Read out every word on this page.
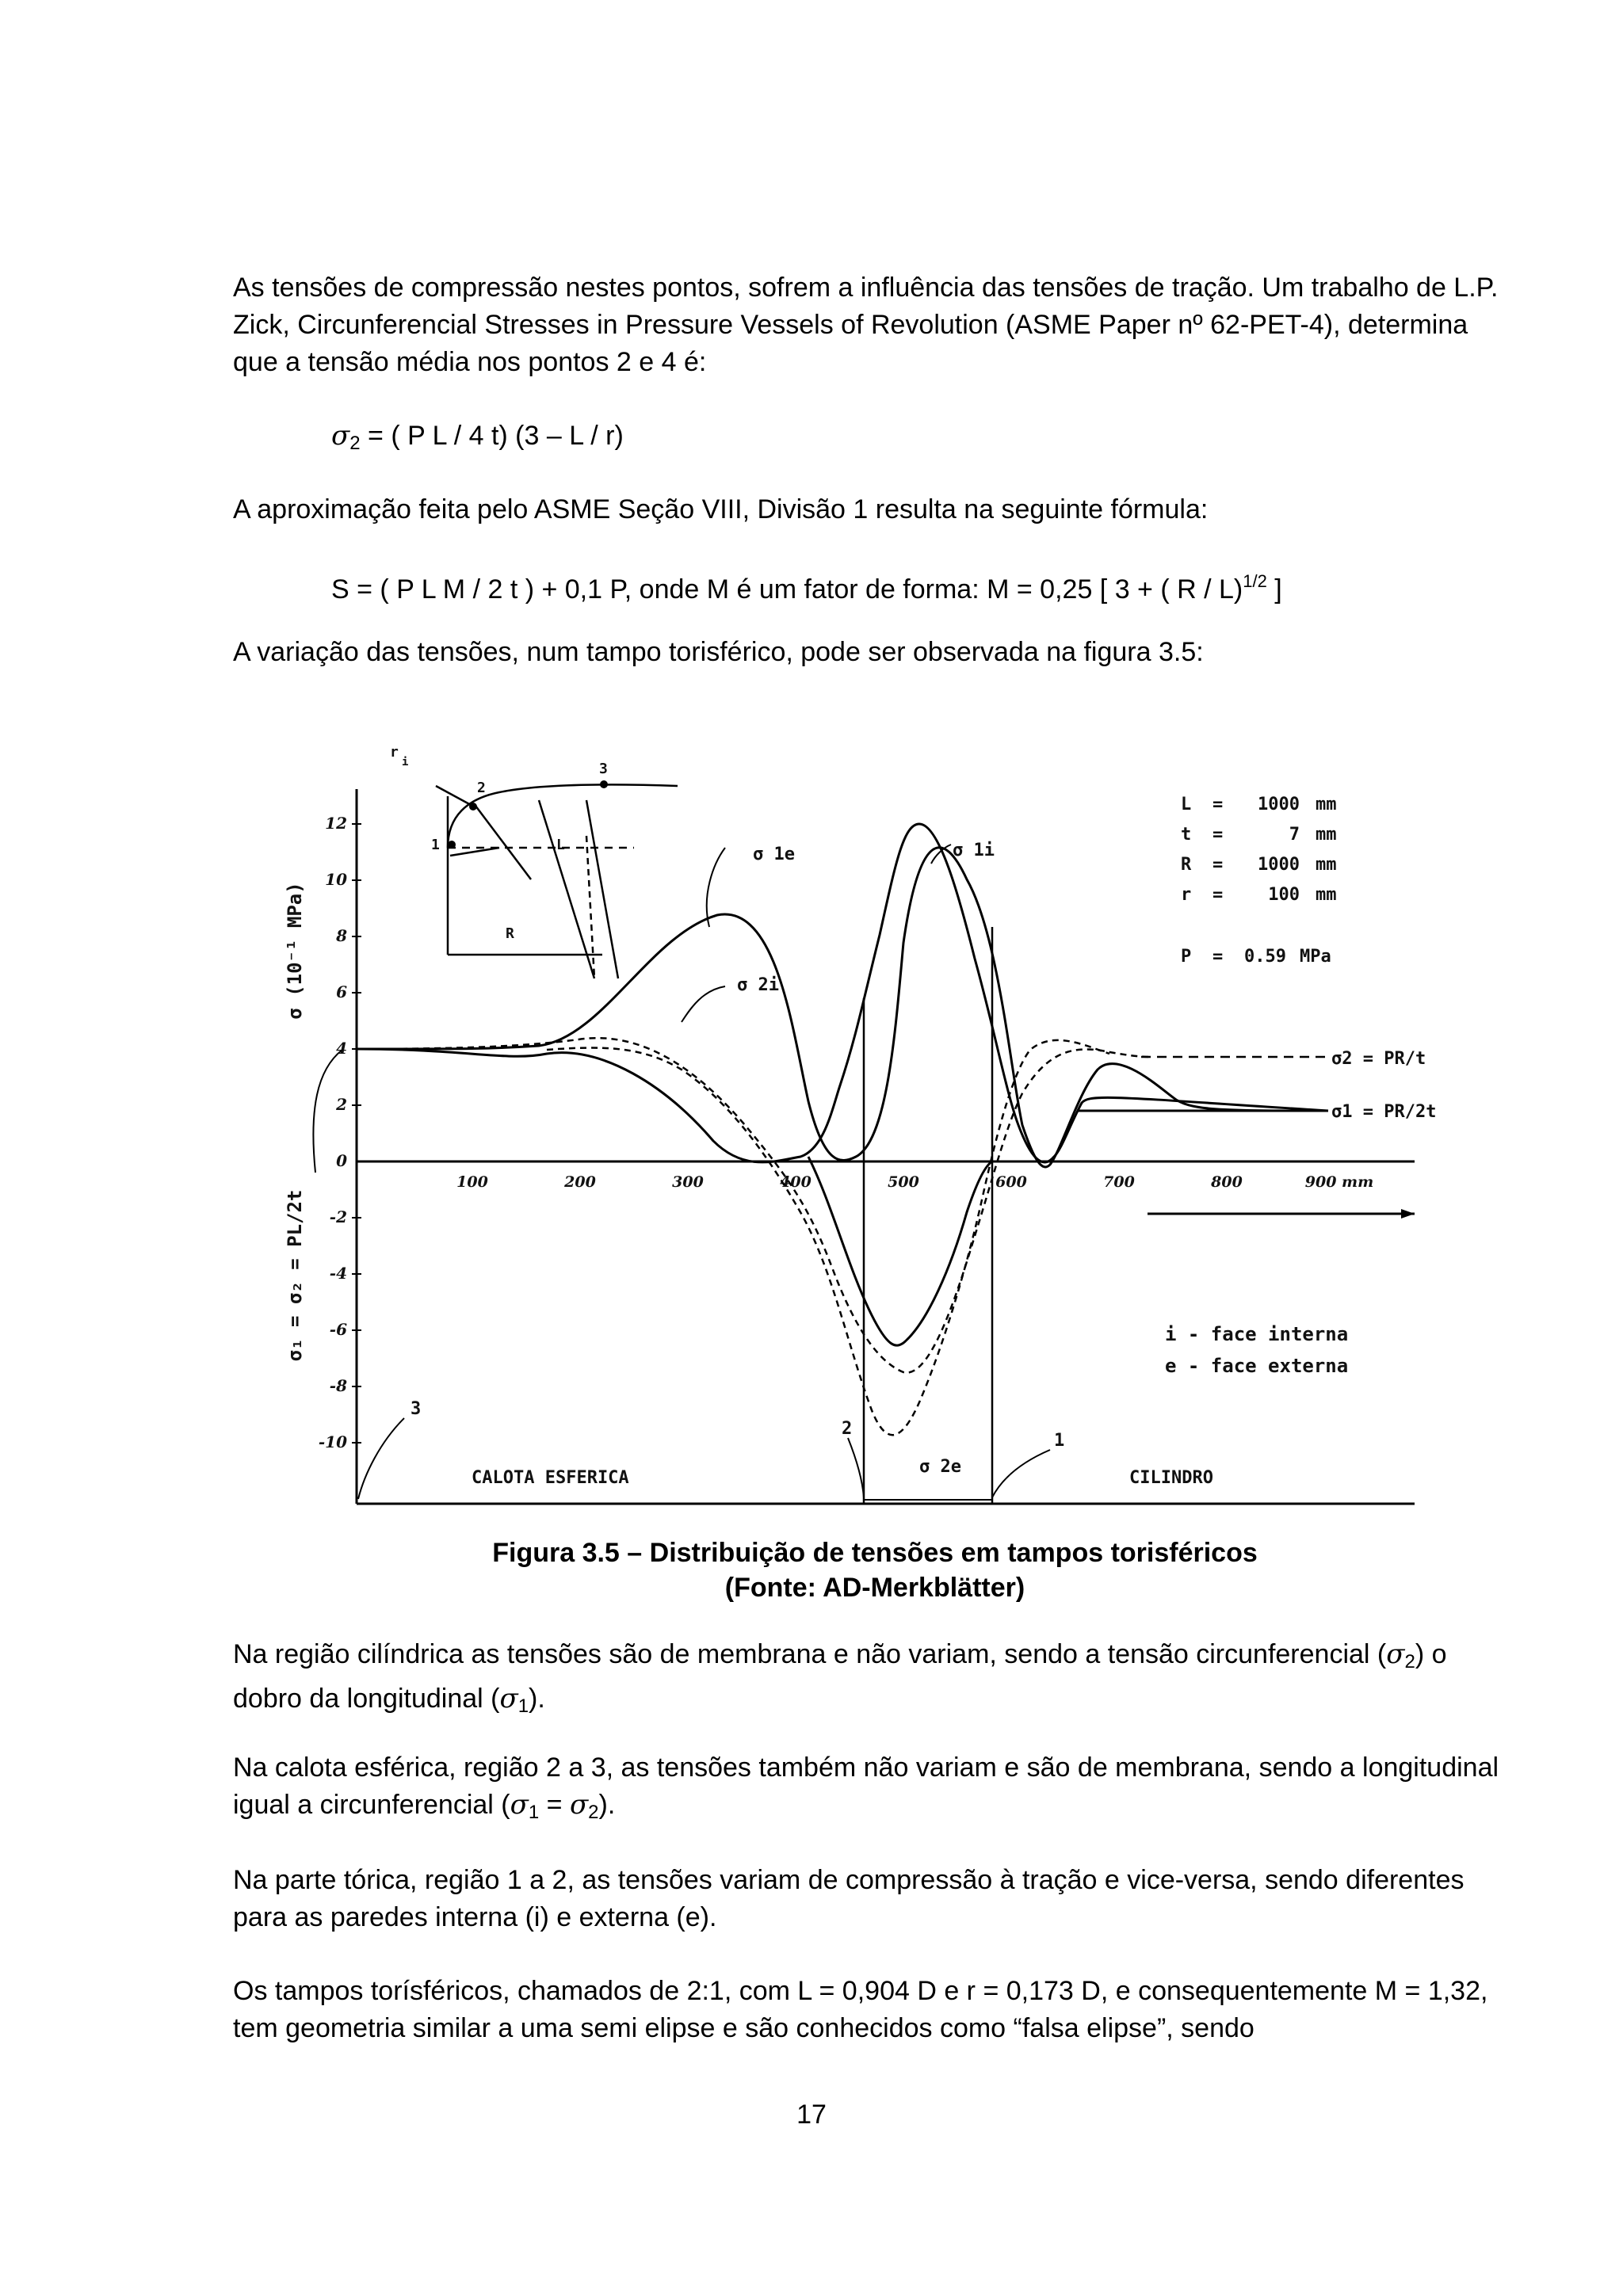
As tensões de compressão nestes pontos, sofrem a influência das tensões de tração. Um trabalho de L.P. Zick, Circunferencial Stresses in Pressure Vessels of Revolution (ASME Paper nº 62-PET-4), determina que a tensão média nos pontos 2 e 4 é:

$\sigma_2$ = ( P L / 4 t) (3 – L / r)

A aproximação feita pelo ASME Seção VIII, Divisão 1 resulta na seguinte fórmula:

S = ( P L M / 2 t ) + 0,1 P, onde M é um fator de forma: M = 0,25 [ 3 + ( R / L)$^{1/2}$ ]

A variação das tensões, num tampo torisférico, pode ser observada na figura 3.5:

12
10
8
6
4
2
0
-2
-4
-6
-8
-10
100	200	300	400	500	600	700	800	900 mm
σ (10⁻¹ MPa)
σ₁ = σ₂ = PL/2t
1
2
3
r
i
R
L	σ 1e	σ 1i
σ 2i
σ 2e
σ2 = PR/t
σ1 = PR/2t
L = 1000 mm
t =	7 mm
R = 1000 mm
r =	100 mm
P = 0.59 MPa
i - face interna
e - face externa
CALOTA ESFERICA	CILINDRO
3
2
1
Figura 3.5 – Distribuição de tensões em tampos torisféricos
(Fonte: AD-Merkblätter)

Na região cilíndrica as tensões são de membrana e não variam, sendo a tensão circunferencial $(\sigma_2)$ o dobro da longitudinal $(\sigma_1)$.

Na calota esférica, região 2 a 3, as tensões também não variam e são de membrana, sendo a longitudinal igual a circunferencial $(\sigma_1 = \sigma_2)$.

Na parte tórica, região 1 a 2, as tensões variam de compressão à tração e vice-versa, sendo diferentes para as paredes interna (i) e externa (e).

Os tampos torísféricos, chamados de 2:1, com L = 0,904 D e r = 0,173 D, e consequentemente M = 1,32, tem geometria similar a uma semi elipse e são conhecidos como “falsa elipse”, sendo

17
